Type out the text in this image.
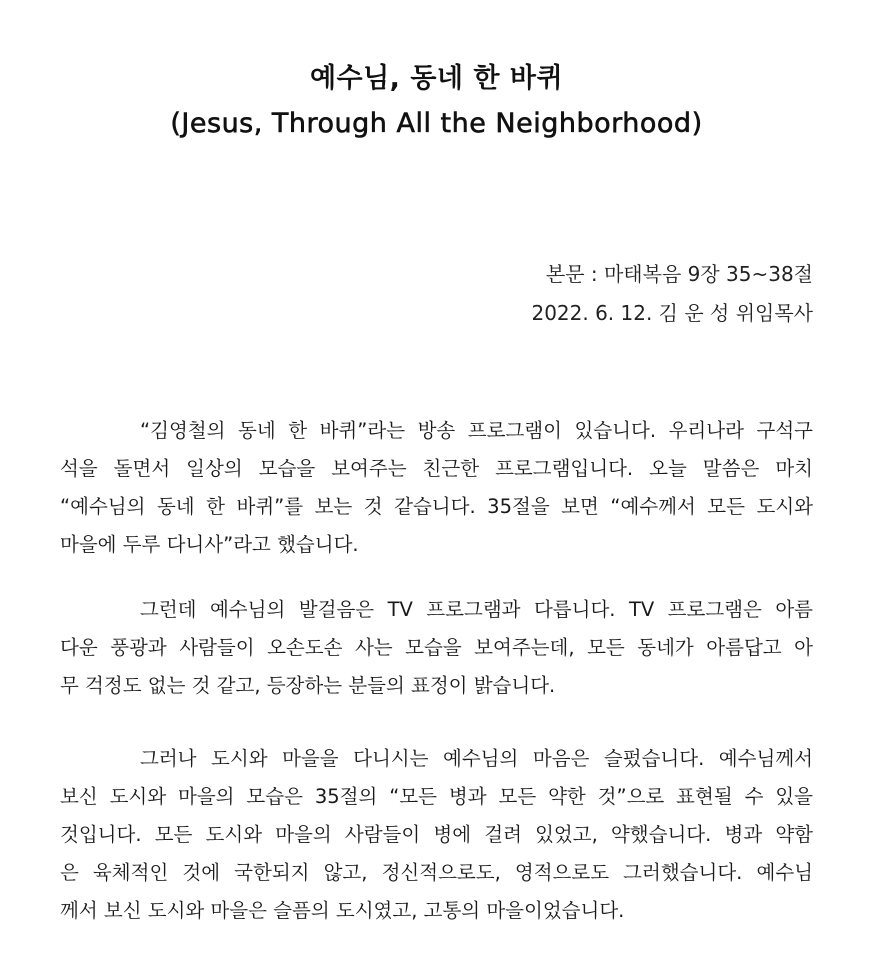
예수님, 동네 한 바퀴
(Jesus, Through All the Neighborhood)
본문 : 마태복음 9장 35~38절
2022. 6. 12. 김 운 성 위임목사
“김영철의 동네 한 바퀴”라는 방송 프로그램이 있습니다. 우리나라 구석구
석을 돌면서 일상의 모습을 보여주는 친근한 프로그램입니다. 오늘 말씀은 마치
“예수님의 동네 한 바퀴”를 보는 것 같습니다. 35절을 보면 “예수께서 모든 도시와
마을에 두루 다니사”라고 했습니다.
그런데 예수님의 발걸음은 TV 프로그램과 다릅니다. TV 프로그램은 아름
다운 풍광과 사람들이 오손도손 사는 모습을 보여주는데, 모든 동네가 아름답고 아
무 걱정도 없는 것 같고, 등장하는 분들의 표정이 밝습니다.
그러나 도시와 마을을 다니시는 예수님의 마음은 슬펐습니다. 예수님께서
보신 도시와 마을의 모습은 35절의 “모든 병과 모든 약한 것”으로 표현될 수 있을
것입니다. 모든 도시와 마을의 사람들이 병에 걸려 있었고, 약했습니다. 병과 약함
은 육체적인 것에 국한되지 않고, 정신적으로도, 영적으로도 그러했습니다. 예수님
께서 보신 도시와 마을은 슬픔의 도시였고, 고통의 마을이었습니다.
